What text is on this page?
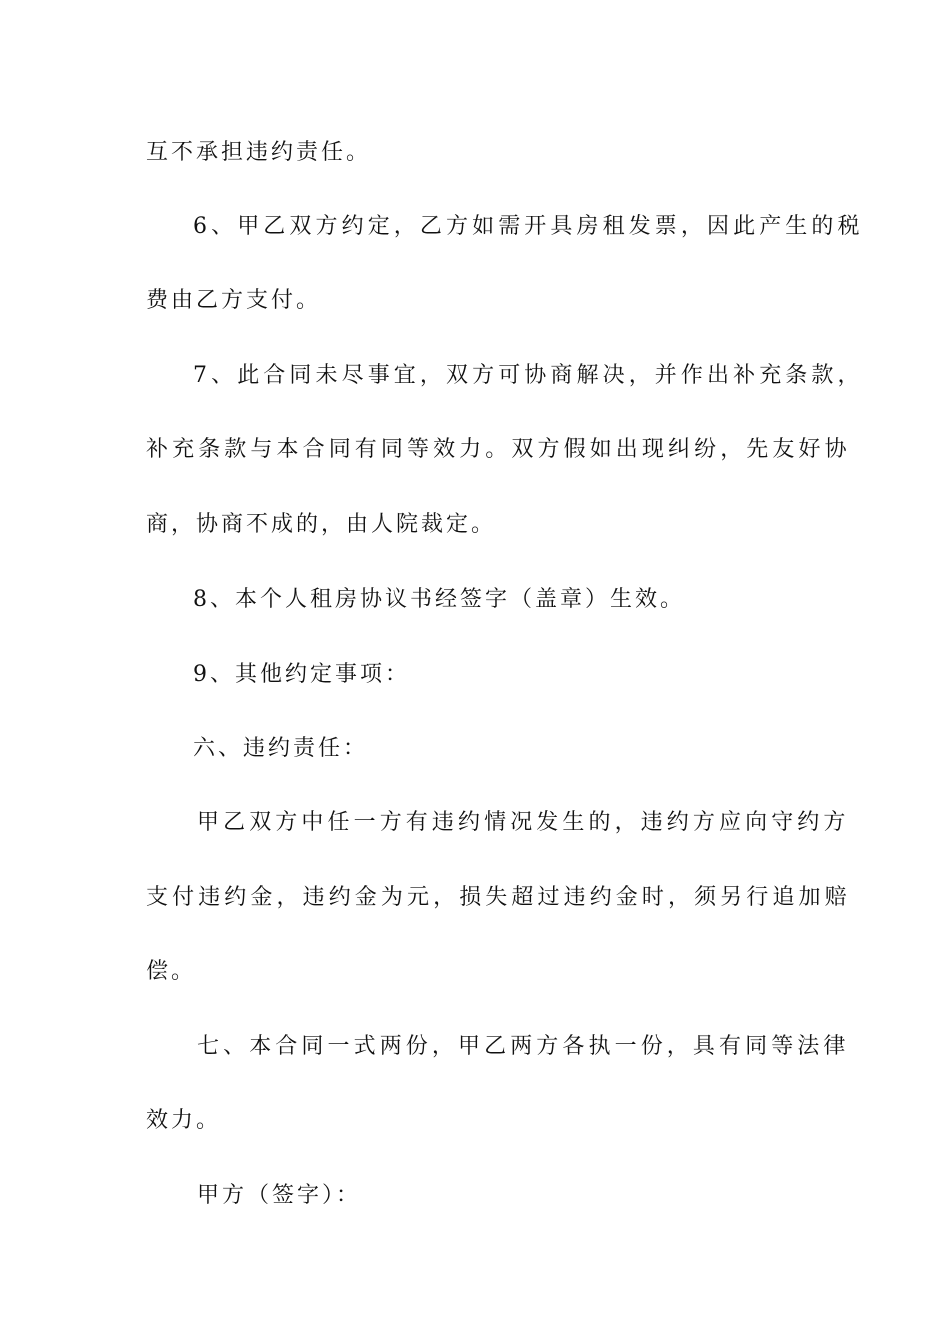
互不承担违约责任。
6、甲乙双方约定，乙方如需开具房租发票，因此产生的税
费由乙方支付。
7、此合同未尽事宜，双方可协商解决，并作出补充条款，
补充条款与本合同有同等效力。双方假如出现纠纷，先友好协
商，协商不成的，由人院裁定。
8、本个人租房协议书经签字（盖章）生效。
9、其他约定事项：
六、违约责任：
甲乙双方中任一方有违约情况发生的，违约方应向守约方
支付违约金，违约金为元，损失超过违约金时，须另行追加赔
偿。
七、本合同一式两份，甲乙两方各执一份，具有同等法律
效力。
甲方（签字）：
